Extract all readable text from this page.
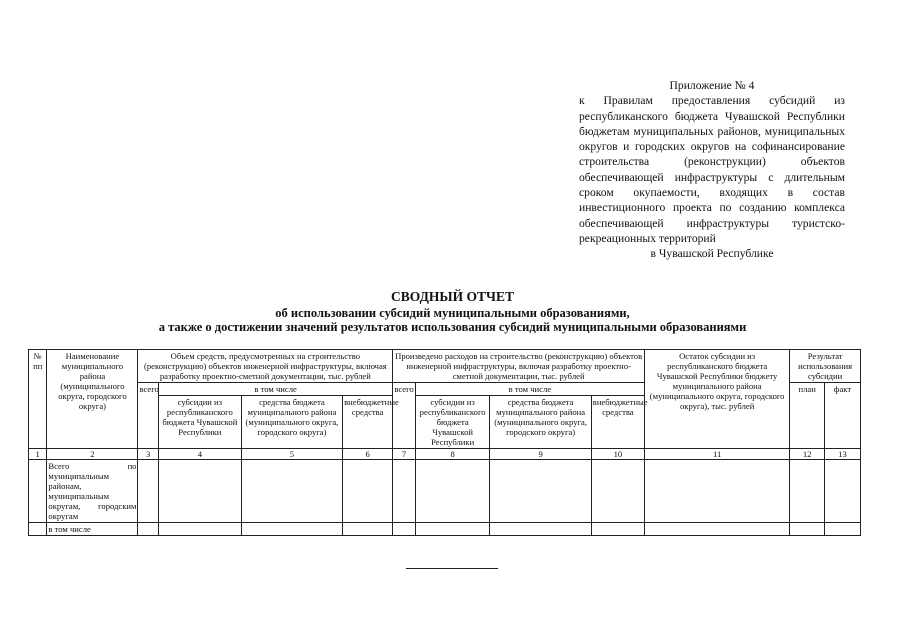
Приложение № 4
к Правилам предоставления субсидий из республиканского бюджета Чувашской Республики бюджетам муниципальных районов, муниципальных округов и городских округов на софинансирование строительства (реконструкции) объектов обеспечивающей инфраструктуры с длительным сроком окупаемости, входящих в состав инвестиционного проекта по созданию комплекса обеспечивающей инфраструктуры туристско-рекреационных территорий
в Чувашской Республике
СВОДНЫЙ ОТЧЕТ
об использовании субсидий муниципальными образованиями,
а также о достижении значений результатов использования субсидий муниципальными образованиями
№ пп	Наименование муниципального района (муниципального округа, городского округа)	Объем средств, предусмотренных на строительство (реконструкцию) объектов инженерной инфраструктуры, включая разработку проектно-сметной документации, тыс. рублей				Произведено расходов на строительство (реконструкцию) объектов инженерной инфраструктуры, включая разработку проектно-сметной документации, тыс. рублей				Остаток субсидии из республиканского бюджета Чувашской Республики бюджету муниципального района (муниципального округа, городского округа), тыс. рублей	Результат использования субсидии	
		всего	в том числе			всего	в том числе				план	факт
			субсидии из республиканского бюджета Чувашской Республики	средства бюджета муниципального района (муниципального округа, городского округа)	внебюджетные средства		субсидии из республиканского бюджета Чувашской Республики	средства бюджета муниципального района (муниципального округа, городского округа)	внебюджетные средства			
1	2	3	4	5	6	7	8	9	10	11	12	13
	Всего по муниципальным районам, муниципальным округам, городским округам											
	в том числе											
